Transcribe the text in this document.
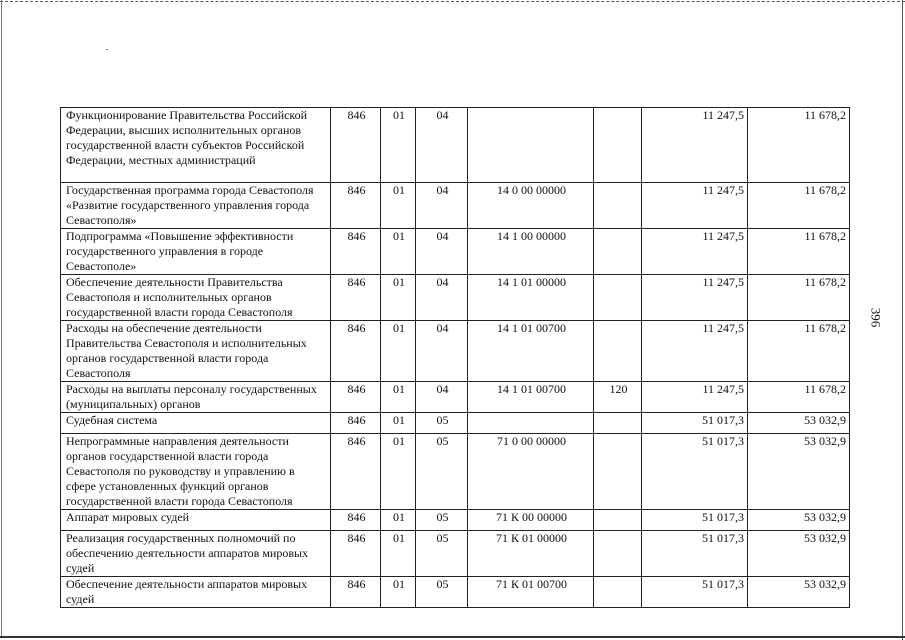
396
Функционирование Правительства Российской Федерации, высших исполнительных органов государственной власти субъектов Российской Федерации, местных администраций	846	01	04			11 247,5	11 678,2
Государственная программа города Севастополя «Развитие государственного управления города Севастополя»	846	01	04	14 0 00 00000		11 247,5	11 678,2
Подпрограмма «Повышение эффективности государственного управления в городе Севастополе»	846	01	04	14 1 00 00000		11 247,5	11 678,2
Обеспечение деятельности Правительства Севастополя и исполнительных органов государственной власти города Севастополя	846	01	04	14 1 01 00000		11 247,5	11 678,2
Расходы на обеспечение деятельности Правительства Севастополя и исполнительных органов государственной власти города Севастополя	846	01	04	14 1 01 00700		11 247,5	11 678,2
Расходы на выплаты персоналу государственных (муниципальных) органов	846	01	04	14 1 01 00700	120	11 247,5	11 678,2
Судебная система	846	01	05			51 017,3	53 032,9
Непрограммные направления деятельности органов государственной власти города Севастополя по руководству и управлению в сфере установленных функций органов государственной власти города Севастополя	846	01	05	71 0 00 00000		51 017,3	53 032,9
Аппарат мировых судей	846	01	05	71 К 00 00000		51 017,3	53 032,9
Реализация государственных полномочий по обеспечению деятельности аппаратов мировых судей	846	01	05	71 К 01 00000		51 017,3	53 032,9
Обеспечение деятельности аппаратов мировых судей	846	01	05	71 К 01 00700		51 017,3	53 032,9
